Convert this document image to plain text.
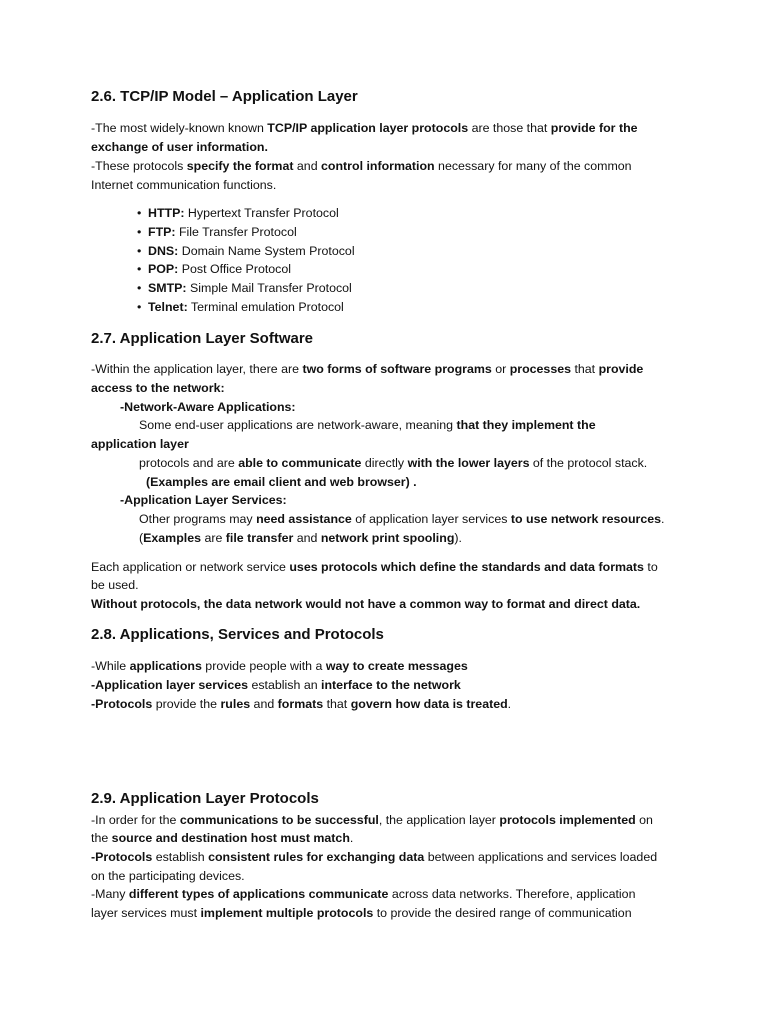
2.6. TCP/IP Model – Application Layer

-The most widely-known known TCP/IP application layer protocols are those that provide for the

exchange of user information.

-These protocols specify the format and control information necessary for many of the common

Internet communication functions.

• HTTP: Hypertext Transfer Protocol

• FTP: File Transfer Protocol

• DNS: Domain Name System Protocol

• POP: Post Office Protocol

• SMTP: Simple Mail Transfer Protocol

• Telnet: Terminal emulation Protocol

2.7. Application Layer Software

-Within the application layer, there are two forms of software programs or processes that provide

access to the network:

-Network-Aware Applications:

Some end-user applications are network-aware, meaning that they implement the

application layer

protocols and are able to communicate directly with the lower layers of the protocol stack.

(Examples are email client and web browser) .

-Application Layer Services:

Other programs may need assistance of application layer services to use network resources.

(Examples are file transfer and network print spooling).

Each application or network service uses protocols which define the standards and data formats to

be used.

Without protocols, the data network would not have a common way to format and direct data.

2.8. Applications, Services and Protocols

-While applications provide people with a way to create messages

-Application layer services establish an interface to the network

-Protocols provide the rules and formats that govern how data is treated.

2.9. Application Layer Protocols

-In order for the communications to be successful, the application layer protocols implemented on

the source and destination host must match.

-Protocols establish consistent rules for exchanging data between applications and services loaded

on the participating devices.

-Many different types of applications communicate across data networks. Therefore, application

layer services must implement multiple protocols to provide the desired range of communication
